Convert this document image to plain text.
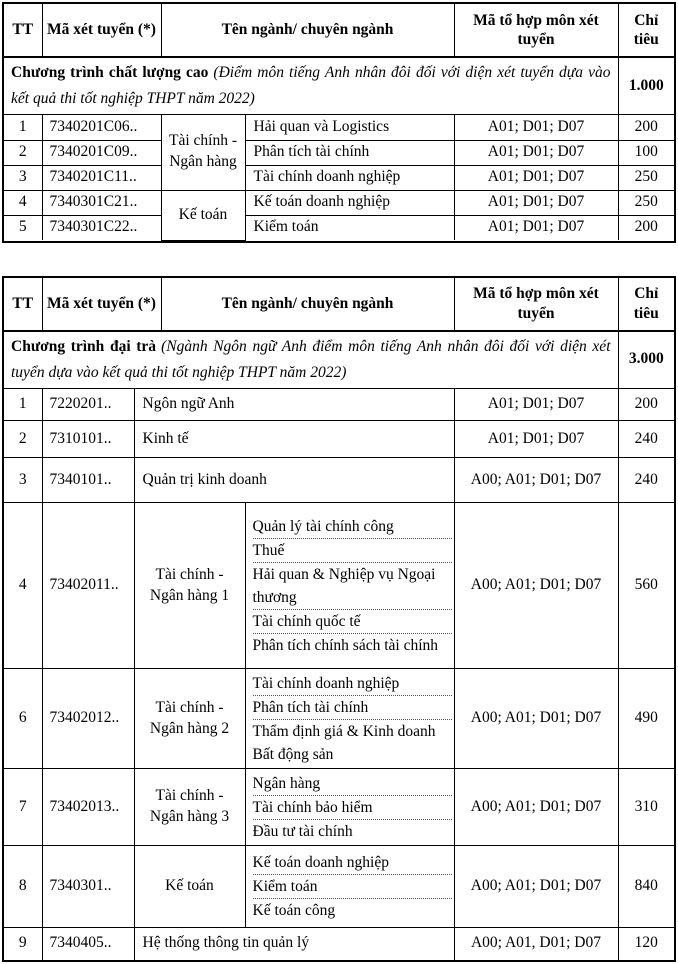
TT	Mã xét tuyển (*)	Tên ngành/ chuyên ngành	Mã tổ hợp môn xét tuyển	Chỉ tiêu
Chương trình chất lượng cao (Điểm môn tiếng Anh nhân đôi đối với diện xét tuyển dựa vào kết quả thi tốt nghiệp THPT năm 2022)				1.000
1	7340201C06..	Tài chính - Ngân hàng	Hải quan và Logistics	A01; D01; D07	200
2	7340201C09..		Phân tích tài chính	A01; D01; D07	100
3	7340201C11..		Tài chính doanh nghiệp	A01; D01; D07	250
4	7340301C21..	Kế toán	Kế toán doanh nghiệp	A01; D01; D07	250
5	7340301C22..		Kiểm toán	A01; D01; D07	200
TT	Mã xét tuyển (*)	Tên ngành/ chuyên ngành	Mã tổ hợp môn xét tuyển	Chỉ tiêu
Chương trình đại trà (Ngành Ngôn ngữ Anh điểm môn tiếng Anh nhân đôi đối với diện xét tuyển dựa vào kết quả thi tốt nghiệp THPT năm 2022)				3.000
1	7220201..	Ngôn ngữ Anh		A01; D01; D07	200
2	7310101..	Kinh tế		A01; D01; D07	240
3	7340101..	Quản trị kinh doanh		A00; A01; D01; D07	240
4	73402011..	Tài chính - Ngân hàng 1	Quản lý tài chính công
Thuế
Hải quan & Nghiệp vụ Ngoại thương
Tài chính quốc tế
Phân tích chính sách tài chính	A00; A01; D01; D07	560
6	73402012..	Tài chính - Ngân hàng 2	Tài chính doanh nghiệp
Phân tích tài chính
Thẩm định giá & Kinh doanh Bất động sản	A00; A01; D01; D07	490
7	73402013..	Tài chính - Ngân hàng 3	Ngân hàng
Tài chính bảo hiểm
Đầu tư tài chính	A00; A01; D01; D07	310
8	7340301..	Kế toán	Kế toán doanh nghiệp
Kiểm toán
Kế toán công	A00; A01; D01; D07	840
9	7340405..	Hệ thống thông tin quản lý		A00; A01, D01; D07	120
